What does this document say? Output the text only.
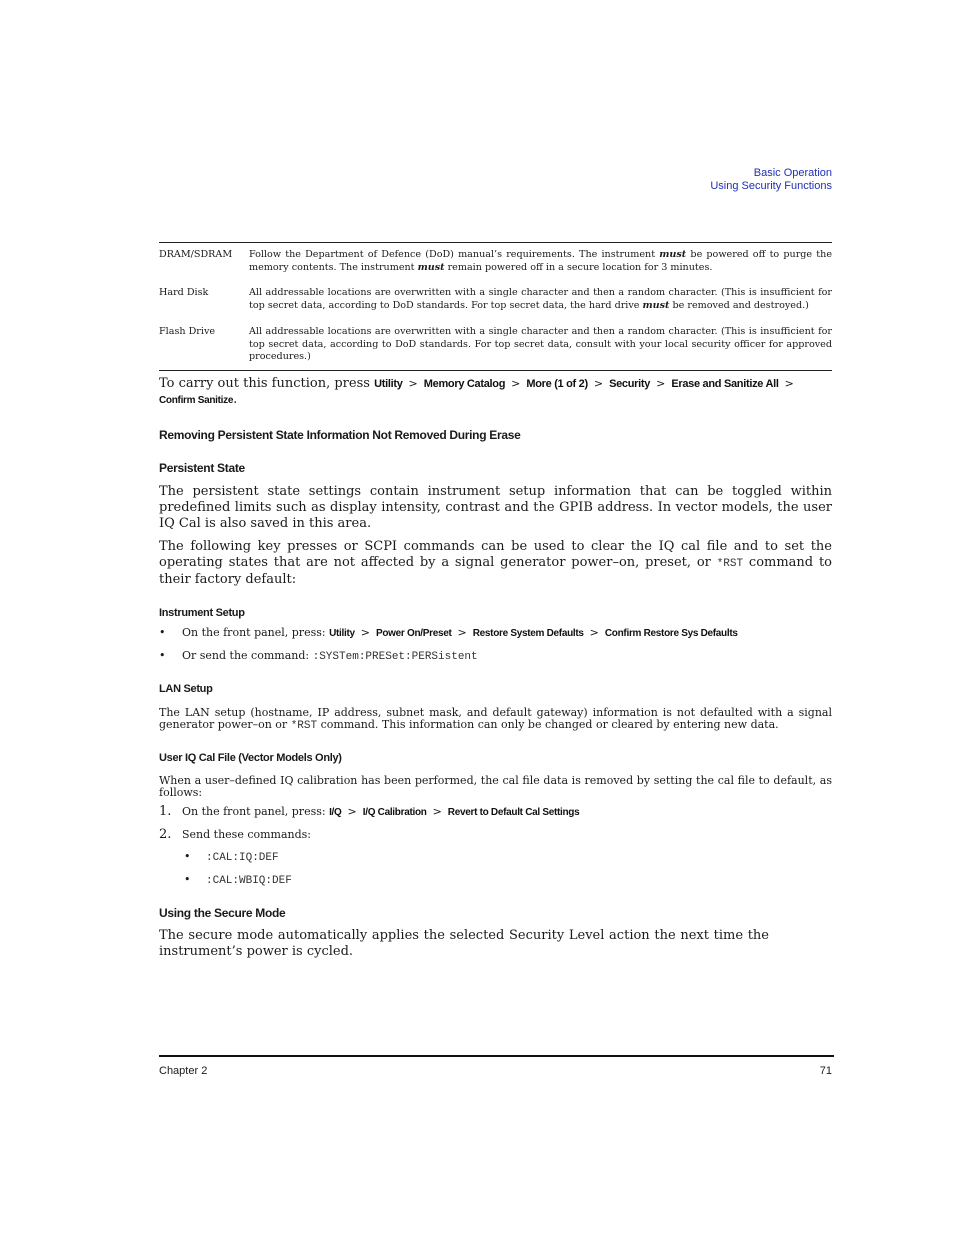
Basic Operation
Using Security Functions
DRAM/SDRAM	Follow the Department of Defence (DoD) manual’s requirements. The instrument must be powered off to purge the memory contents. The instrument must remain powered off in a secure location for 3 minutes.
Hard Disk	All addressable locations are overwritten with a single character and then a random character. (This is insufficient for top secret data, according to DoD standards. For top secret data, the hard drive must be removed and destroyed.)
Flash Drive	All addressable locations are overwritten with a single character and then a random character. (This is insufficient for top secret data, according to DoD standards. For top secret data, consult with your local security officer for approved procedures.)

To carry out this function, press Utility > Memory Catalog > More (1 of 2) > Security > Erase and Sanitize All >
Confirm Sanitize.

Removing Persistent State Information Not Removed During Erase
Persistent State

The persistent state settings contain instrument setup information that can be toggled within predefined limits such as display intensity, contrast and the GPIB address. In vector models, the user IQ Cal is also saved in this area.

The following key presses or SCPI commands can be used to clear the IQ cal file and to set the operating states that are not affected by a signal generator power–on, preset, or *RST command to their factory default:

Instrument Setup
• On the front panel, press: Utility > Power On/Preset > Restore System Defaults > Confirm Restore Sys Defaults
• Or send the command: :SYSTem:PRESet:PERSistent
LAN Setup

The LAN setup (hostname, IP address, subnet mask, and default gateway) information is not defaulted with a signal generator power–on or *RST command. This information can only be changed or cleared by entering new data.

User IQ Cal File (Vector Models Only)

When a user–defined IQ calibration has been performed, the cal file data is removed by setting the cal file to default, as follows:

1. On the front panel, press: I/Q > I/Q Calibration > Revert to Default Cal Settings
2. Send these commands:
• :CAL:IQ:DEF
• :CAL:WBIQ:DEF
Using the Secure Mode

The secure mode automatically applies the selected Security Level action the next time the instrument’s power is cycled.

Chapter 2	71
